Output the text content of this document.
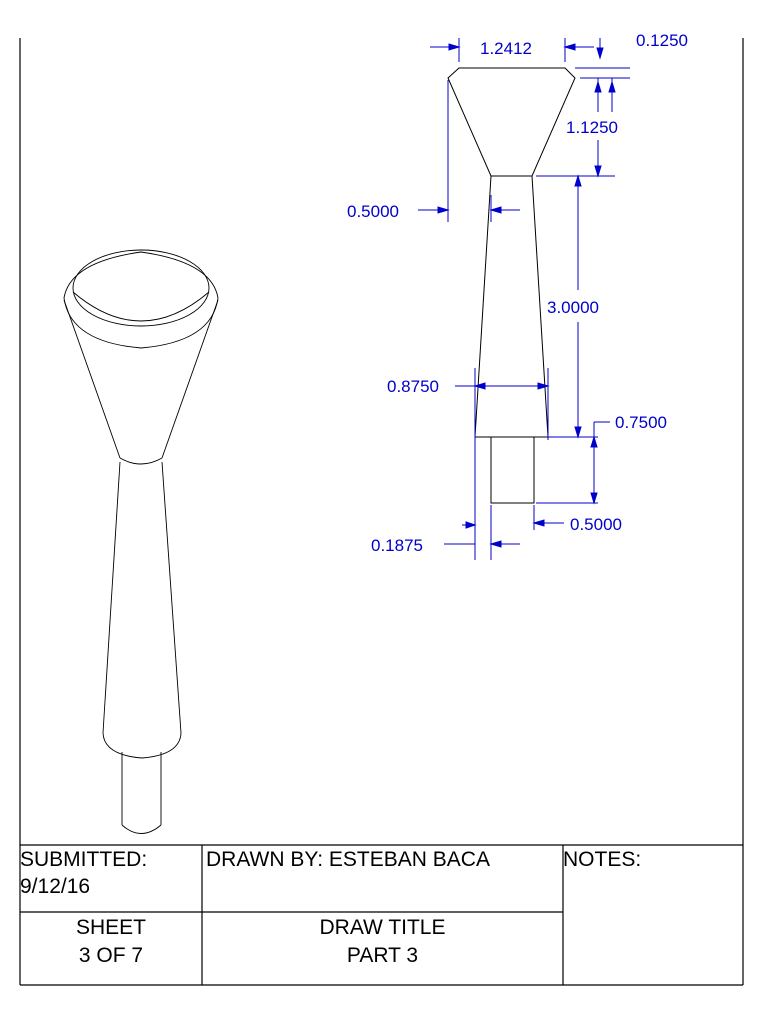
1.2412	0.1250
1.1250
0.5000
3.0000
0.8750
0.7500
0.5000
0.1875
SUBMITTED:
9/12/16
DRAWN BY: ESTEBAN BACA	NOTES:
SHEET
3 OF 7
DRAW TITLE
PART 3
